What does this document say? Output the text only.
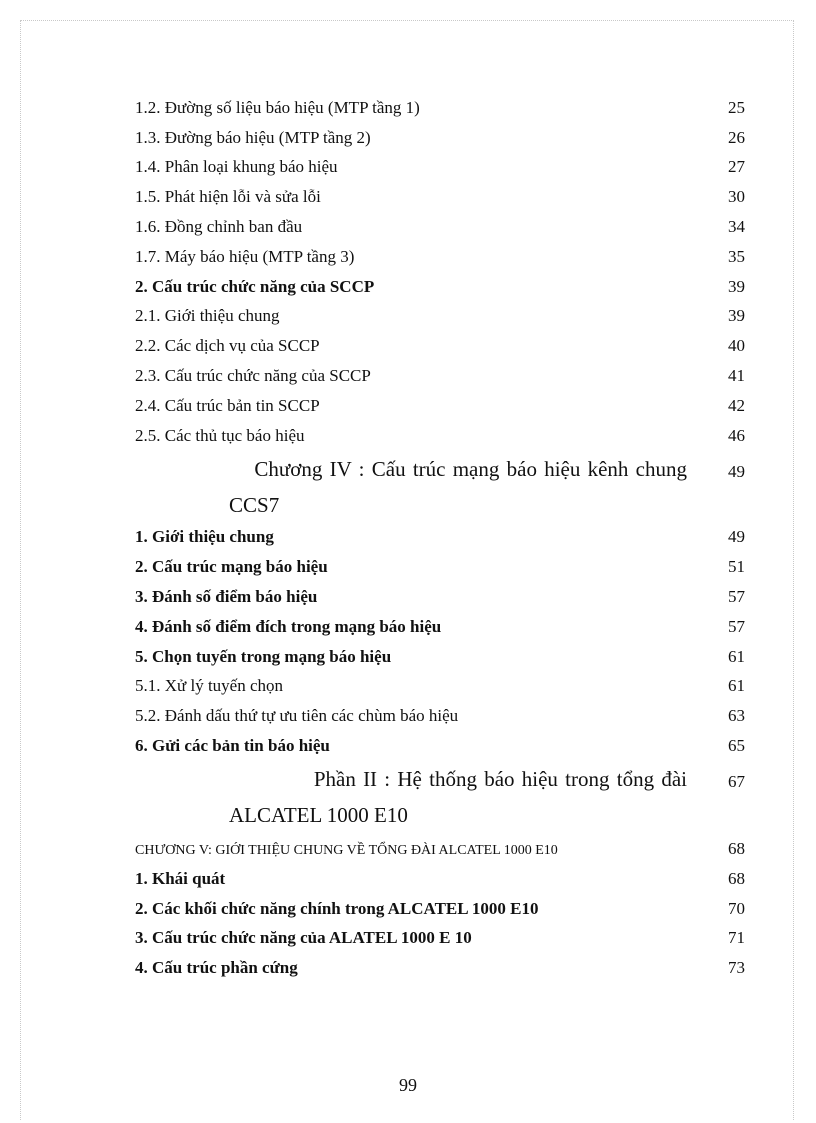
1.2. Đường số liệu báo hiệu (MTP tầng 1)	25
1.3. Đường báo hiệu (MTP tầng 2)	26
1.4. Phân loại khung báo hiệu	27
1.5. Phát hiện lỗi và sửa lỗi	30
1.6. Đồng chỉnh ban đầu	34
1.7. Máy báo hiệu (MTP tầng 3)	35
2. Cấu trúc chức năng của SCCP	39
2.1. Giới thiệu chung	39
2.2. Các dịch vụ của SCCP	40
2.3. Cấu trúc chức năng của SCCP	41
2.4. Cấu trúc bản tin SCCP	42
2.5. Các thủ tục báo hiệu	46
Chương IV : Cấu trúc mạng báo hiệu kênh chung	49
CCS7
1. Giới thiệu chung	49
2. Cấu trúc mạng báo hiệu	51
3. Đánh số điểm báo hiệu	57
4. Đánh số điểm đích trong mạng báo hiệu	57
5. Chọn tuyến trong mạng báo hiệu	61
5.1. Xử lý tuyến chọn	61
5.2. Đánh dấu thứ tự ưu tiên các chùm báo hiệu	63
6. Gửi các bản tin báo hiệu	65
Phần II : Hệ thống báo hiệu trong tổng đài	67
ALCATEL 1000 E10
CHƯƠNG V: GIỚI THIỆU CHUNG VỀ TỔNG ĐÀI ALCATEL 1000 E10	68
1. Khái quát	68
2. Các khối chức năng chính trong ALCATEL 1000 E10	70
3. Cấu trúc chức năng của ALATEL 1000 E 10	71
4. Cấu trúc phần cứng	73
99
